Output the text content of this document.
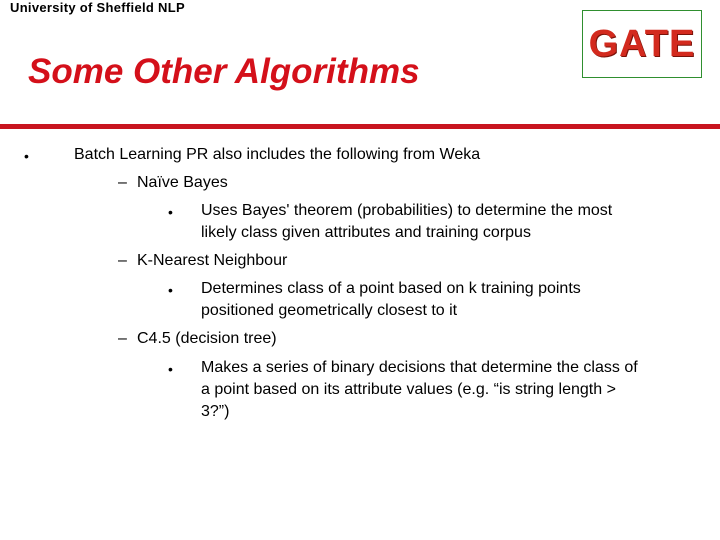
University of Sheffield NLP
GATE
Some Other Algorithms
•	Batch Learning PR also includes the following from Weka
– Naïve Bayes
• Uses Bayes' theorem (probabilities) to determine the most
likely class given attributes and training corpus
– K-Nearest Neighbour
• Determines class of a point based on k training points
positioned geometrically closest to it
– C4.5 (decision tree)
• Makes a series of binary decisions that determine the class of
a point based on its attribute values (e.g. “is string length >
3?”)
